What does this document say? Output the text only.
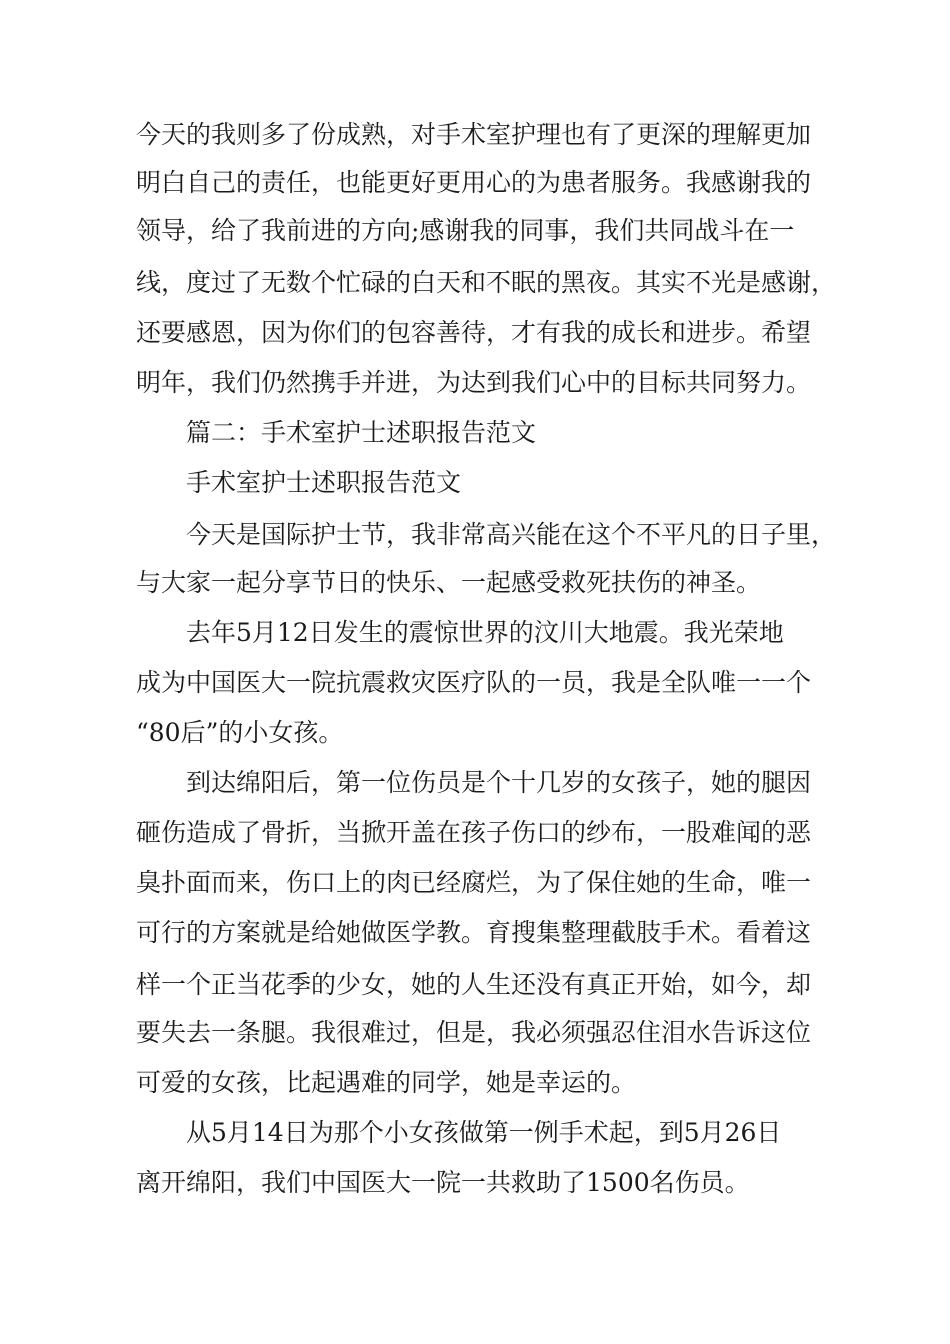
今天的我则多了份成熟，对手术室护理也有了更深的理解更加

明白自己的责任，也能更好更用心的为患者服务。我感谢我的

领导，给了我前进的方向;感谢我的同事，我们共同战斗在一

线，度过了无数个忙碌的白天和不眠的黑夜。其实不光是感谢，

还要感恩，因为你们的包容善待，才有我的成长和进步。希望

明年，我们仍然携手并进，为达到我们心中的目标共同努力。

篇二：手术室护士述职报告范文

手术室护士述职报告范文

今天是国际护士节，我非常高兴能在这个不平凡的日子里，

与大家一起分享节日的快乐、一起感受救死扶伤的神圣。

去年5月12日发生的震惊世界的汶川大地震。我光荣地

成为中国医大一院抗震救灾医疗队的一员，我是全队唯一一个

“80后”的小女孩。

到达绵阳后，第一位伤员是个十几岁的女孩子，她的腿因

砸伤造成了骨折，当掀开盖在孩子伤口的纱布，一股难闻的恶

臭扑面而来，伤口上的肉已经腐烂，为了保住她的生命，唯一

可行的方案就是给她做医学教。育搜集整理截肢手术。看着这

样一个正当花季的少女，她的人生还没有真正开始，如今，却

要失去一条腿。我很难过，但是，我必须强忍住泪水告诉这位

可爱的女孩，比起遇难的同学，她是幸运的。

从5月14日为那个小女孩做第一例手术起，到5月26日

离开绵阳，我们中国医大一院一共救助了1500名伤员。
